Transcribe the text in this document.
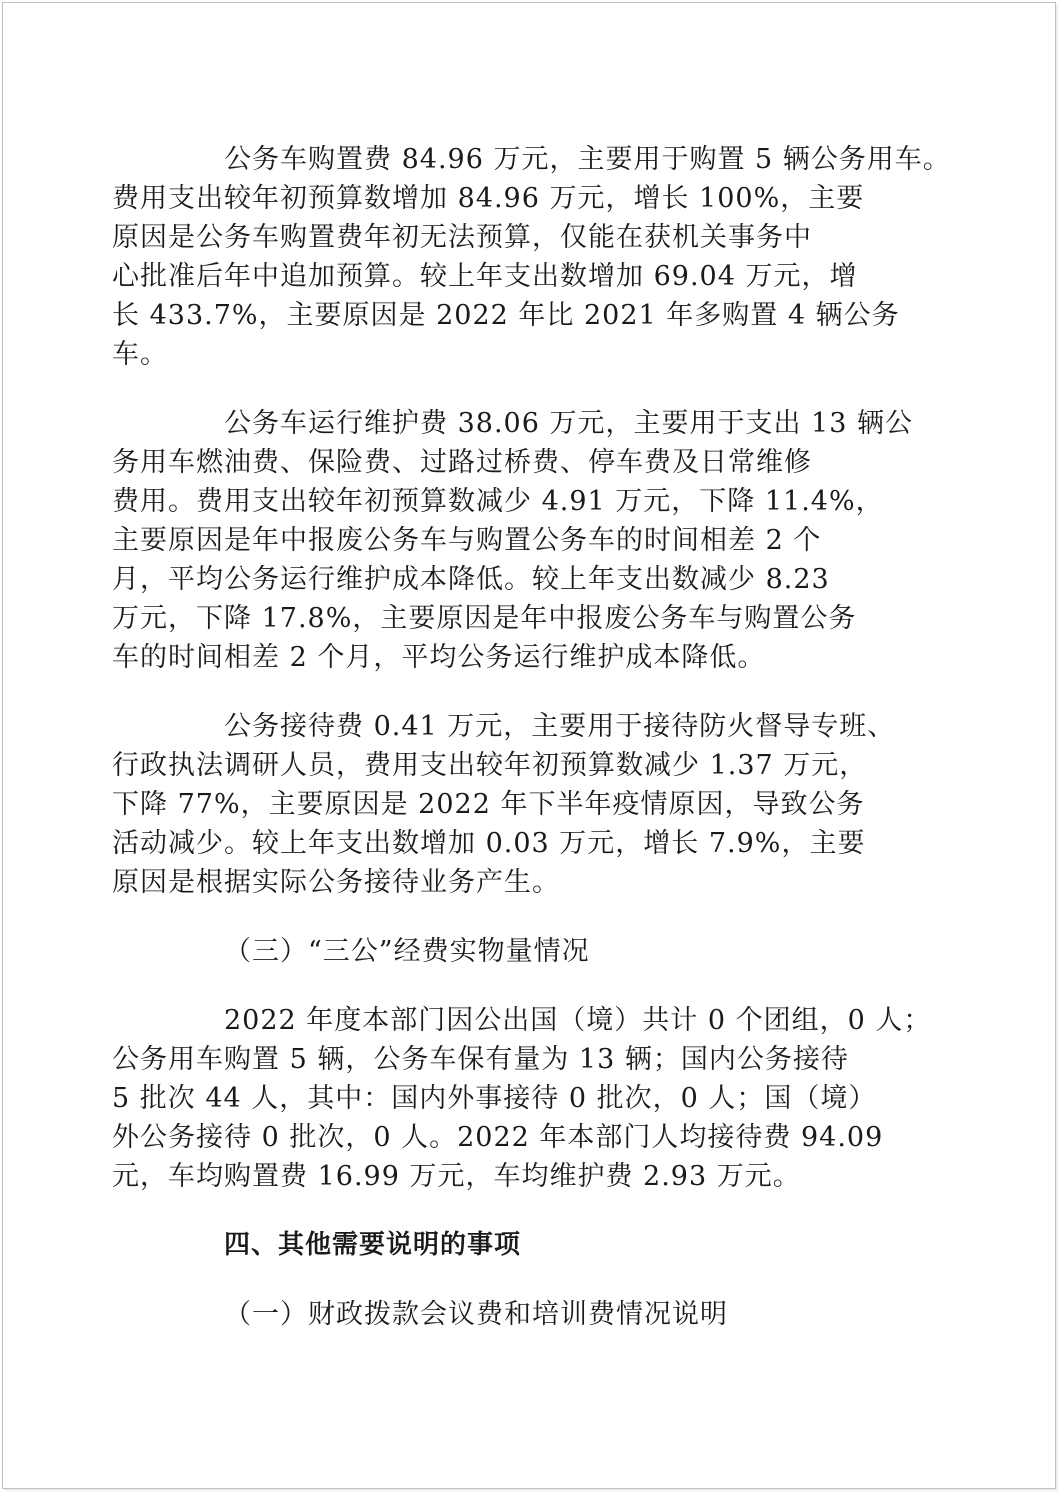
公务车购置费 84.96 万元，主要用于购置 5 辆公务用车。
费用支出较年初预算数增加 84.96 万元，增长 100%，主要
原因是公务车购置费年初无法预算，仅能在获机关事务中
心批准后年中追加预算。较上年支出数增加 69.04 万元，增
长 433.7%，主要原因是 2022 年比 2021 年多购置 4 辆公务
车。
公务车运行维护费 38.06 万元，主要用于支出 13 辆公
务用车燃油费、保险费、过路过桥费、停车费及日常维修
费用。费用支出较年初预算数减少 4.91 万元，下降 11.4%，
主要原因是年中报废公务车与购置公务车的时间相差 2 个
月，平均公务运行维护成本降低。较上年支出数减少 8.23
万元，下降 17.8%，主要原因是年中报废公务车与购置公务
车的时间相差 2 个月，平均公务运行维护成本降低。
公务接待费 0.41 万元，主要用于接待防火督导专班、
行政执法调研人员，费用支出较年初预算数减少 1.37 万元，
下降 77%，主要原因是 2022 年下半年疫情原因，导致公务
活动减少。较上年支出数增加 0.03 万元，增长 7.9%，主要
原因是根据实际公务接待业务产生。
（三）“三公”经费实物量情况
2022 年度本部门因公出国（境）共计 0 个团组，0 人；
公务用车购置 5 辆，公务车保有量为 13 辆；国内公务接待
5 批次 44 人，其中：国内外事接待 0 批次，0 人；国（境）
外公务接待 0 批次，0 人。2022 年本部门人均接待费 94.09
元，车均购置费 16.99 万元，车均维护费 2.93 万元。
四、其他需要说明的事项
（一）财政拨款会议费和培训费情况说明
